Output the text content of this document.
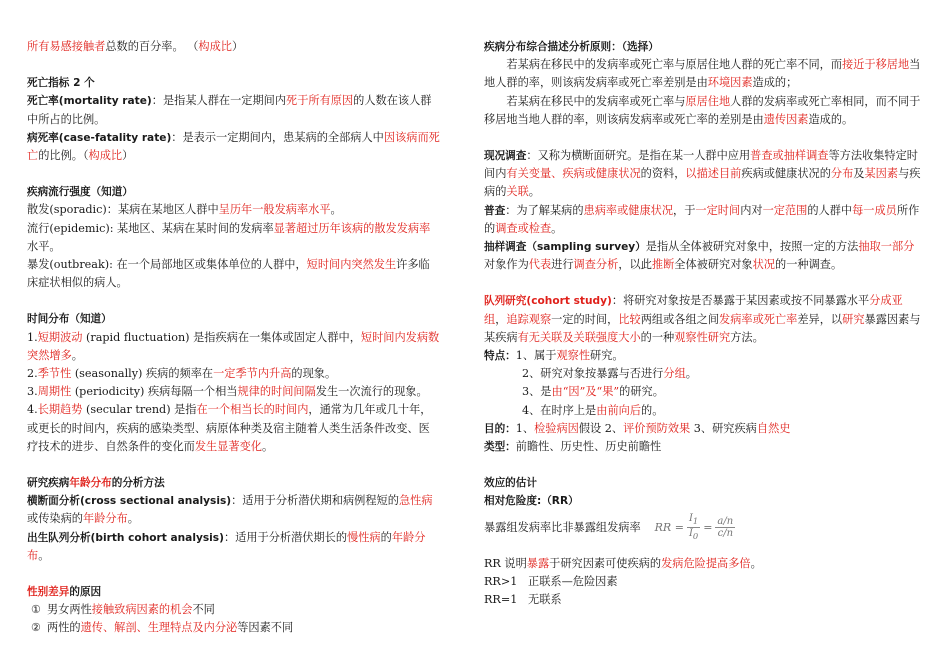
所有易感接触者总数的百分率。 （构成比）

死亡指标 2 个

死亡率(mortality rate)：是指某人群在一定期间内死于所有原因的人数在该人群中所占的比例。

病死率(case-fatality rate)：是表示一定期间内，患某病的全部病人中因该病而死亡的比例。（构成比）

疾病流行强度（知道）

散发(sporadic)：某病在某地区人群中呈历年一般发病率水平。

流行(epidemic): 某地区、某病在某时间的发病率显著超过历年该病的散发发病率水平。

暴发(outbreak): 在一个局部地区或集体单位的人群中，短时间内突然发生许多临床症状相似的病人。

时间分布（知道）

1.短期波动 (rapid fluctuation) 是指疾病在一集体或固定人群中，短时间内发病数突然增多。

2.季节性 (seasonally) 疾病的频率在一定季节内升高的现象。

3.周期性 (periodicity) 疾病每隔一个相当规律的时间间隔发生一次流行的现象。

4.长期趋势 (secular trend) 是指在一个相当长的时间内，通常为几年或几十年，或更长的时间内，疾病的感染类型、病原体种类及宿主随着人类生活条件改变、医疗技术的进步、自然条件的变化而发生显著变化。

研究疾病年龄分布的分析方法

横断面分析(cross sectional analysis)：适用于分析潜伏期和病例程短的急性病或传染病的年龄分布。

出生队列分析(birth cohort analysis)：适用于分析潜伏期长的慢性病的年龄分布。

性别差异的原因

① 男女两性接触致病因素的机会不同

② 两性的遗传、解剖、生理特点及内分泌等因素不同

疾病分布综合描述分析原则：（选择）

若某病在移民中的发病率或死亡率与原居住地人群的死亡率不同，而接近于移居地当地人群的率，则该病发病率或死亡率差别是由环境因素造成的；

若某病在移民中的发病率或死亡率与原居住地人群的发病率或死亡率相同，而不同于移居地当地人群的率，则该病发病率或死亡率的差别是由遗传因素造成的。

现况调查：又称为横断面研究。是指在某一人群中应用普查或抽样调查等方法收集特定时间内有关变量、疾病或健康状况的资料，以描述目前疾病或健康状况的分布及某因素与疾病的关联。

普查：为了解某病的患病率或健康状况，于一定时间内对一定范围的人群中每一成员所作的调查或检查。

抽样调查（sampling survey）是指从全体被研究对象中，按照一定的方法抽取一部分对象作为代表进行调查分析，以此推断全体被研究对象状况的一种调查。

队列研究(cohort study)：将研究对象按是否暴露于某因素或按不同暴露水平分成亚组，追踪观察一定的时间，比较两组或各组之间发病率或死亡率差异，以研究暴露因素与某疾病有无关联及关联强度大小的一种观察性研究方法。

特点：1、属于观察性研究。

2、研究对象按暴露与否进行分组。

3、是由“因”及“果”的研究。

4、在时序上是由前向后的。

目的：1、检验病因假设 2、评价预防效果 3、研究疾病自然史

类型：前瞻性、历史性、历史前瞻性

效应的估计

相对危险度:（RR）

暴露组发病率比非暴露组发病率 RR
= $\frac{I_1}{I_0} = \frac{a/n}{c/n}$

RR 说明暴露于研究因素可使疾病的发病危险提高多倍。

RR>1 正联系—危险因素

RR=1 无联系
